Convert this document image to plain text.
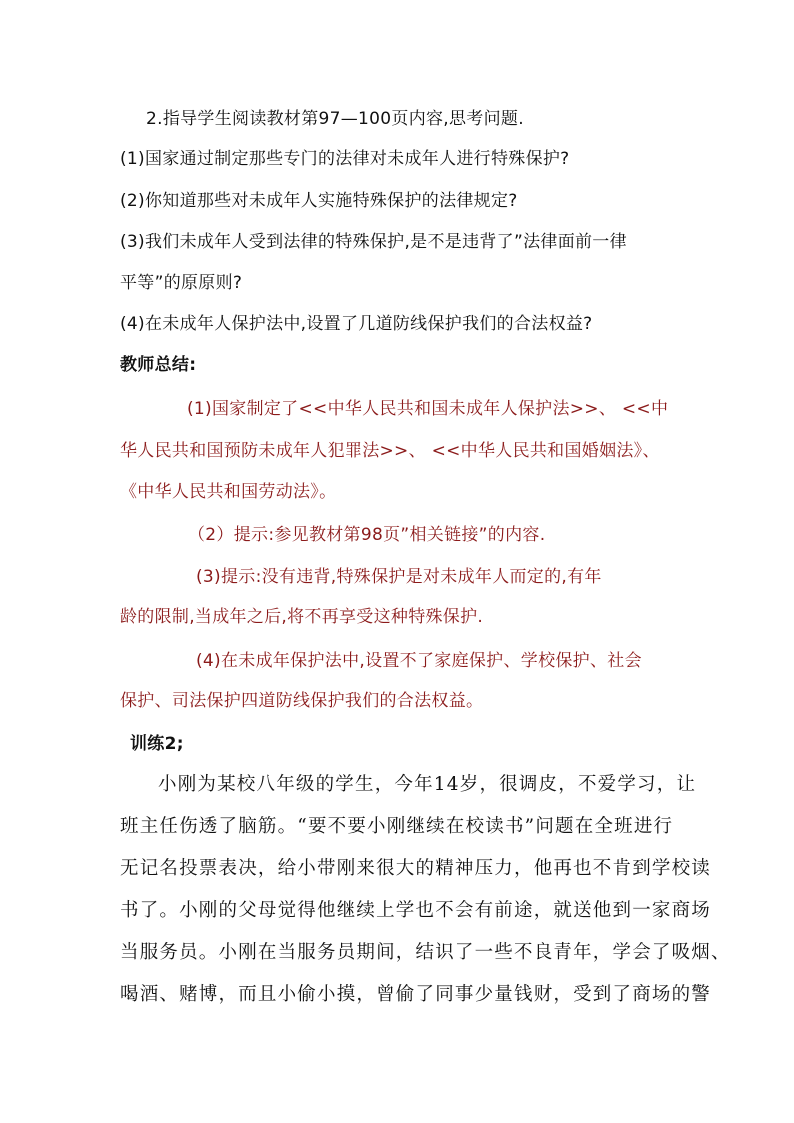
2.指导学生阅读教材第97—100页内容,思考问题.
(1)国家通过制定那些专门的法律对未成年人进行特殊保护?
(2)你知道那些对未成年人实施特殊保护的法律规定?
(3)我们未成年人受到法律的特殊保护,是不是违背了”法律面前一律
平等”的原原则?
(4)在未成年人保护法中,设置了几道防线保护我们的合法权益?
教师总结:
(1)国家制定了<<中华人民共和国未成年人保护法>>、 <<中
华人民共和国预防未成年人犯罪法>>、 <<中华人民共和国婚姻法》、
《中华人民共和国劳动法》。
（2）提示:参见教材第98页”相关链接”的内容.
(3)提示:没有违背,特殊保护是对未成年人而定的,有年
龄的限制,当成年之后,将不再享受这种特殊保护.
(4)在未成年保护法中,设置不了家庭保护、学校保护、社会
保护、司法保护四道防线保护我们的合法权益。
训练2;
小刚为某校八年级的学生，今年14岁，很调皮，不爱学习，让
班主任伤透了脑筋。“要不要小刚继续在校读书”问题在全班进行
无记名投票表决，给小带刚来很大的精神压力，他再也不肯到学校读
书了。小刚的父母觉得他继续上学也不会有前途，就送他到一家商场
当服务员。小刚在当服务员期间，结识了一些不良青年，学会了吸烟、
喝酒、赌博，而且小偷小摸，曾偷了同事少量钱财，受到了商场的警
